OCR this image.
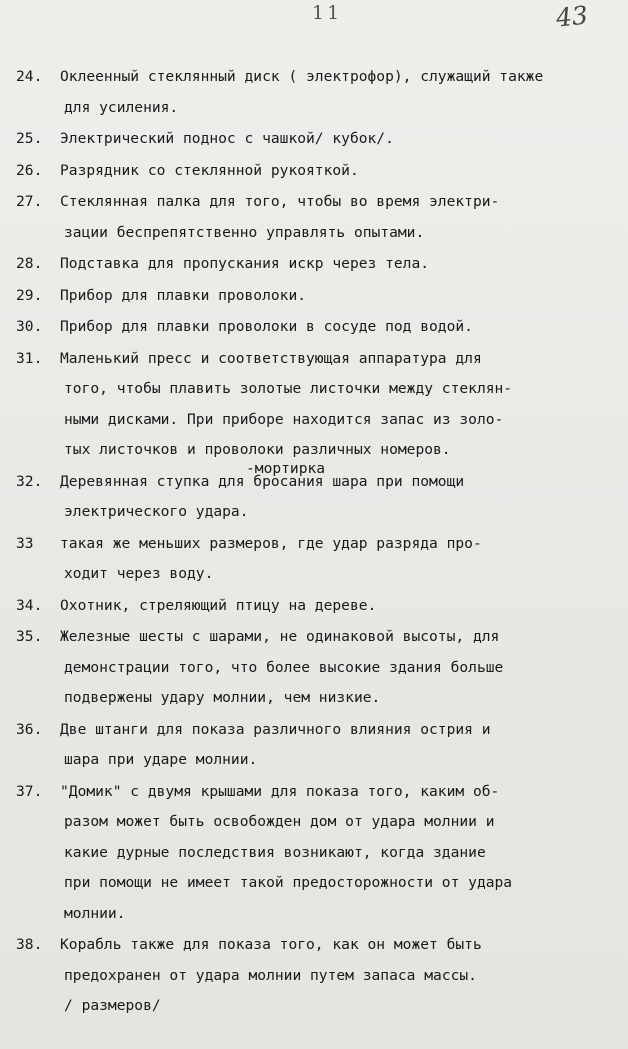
11	43
24. Оклеенный стеклянный диск ( электрофор), служащий также
для усиления.
25. Электрический поднос с чашкой/ кубок/.
26. Разрядник со стеклянной рукояткой.
27. Стеклянная палка для того, чтобы во время электри-
зации беспрепятственно управлять опытами.
28. Подставка для пропускания искр через тела.
29. Прибор для плавки проволоки.
30. Прибор для плавки проволоки в сосуде под водой.
31. Маленький пресс и соответствующая аппаратура для
того, чтобы плавить золотые листочки между стеклян-
ными дисками. При приборе находится запас из золо-
тых листочков и проволоки различных номеров.
-мортирка
32. Деревянная ступка для бросания шара при помощи
электрического удара.
33 такая же меньших размеров, где удар разряда про-
ходит через воду.
34. Охотник, стреляющий птицу на дереве.
35. Железные шесты с шарами, не одинаковой высоты, для
демонстрации того, что более высокие здания больше
подвержены удару молнии, чем низкие.
36. Две штанги для показа различного влияния острия и
шара при ударе молнии.
37. "Домик" с двумя крышами для показа того, каким об-
разом может быть освобожден дом от удара молнии и
какие дурные последствия возникают, когда здание
при помощи не имеет такой предосторожности от удара
молнии.
38. Корабль также для показа того, как он может быть
предохранен от удара молнии путем запаса массы.
/ размеров/
